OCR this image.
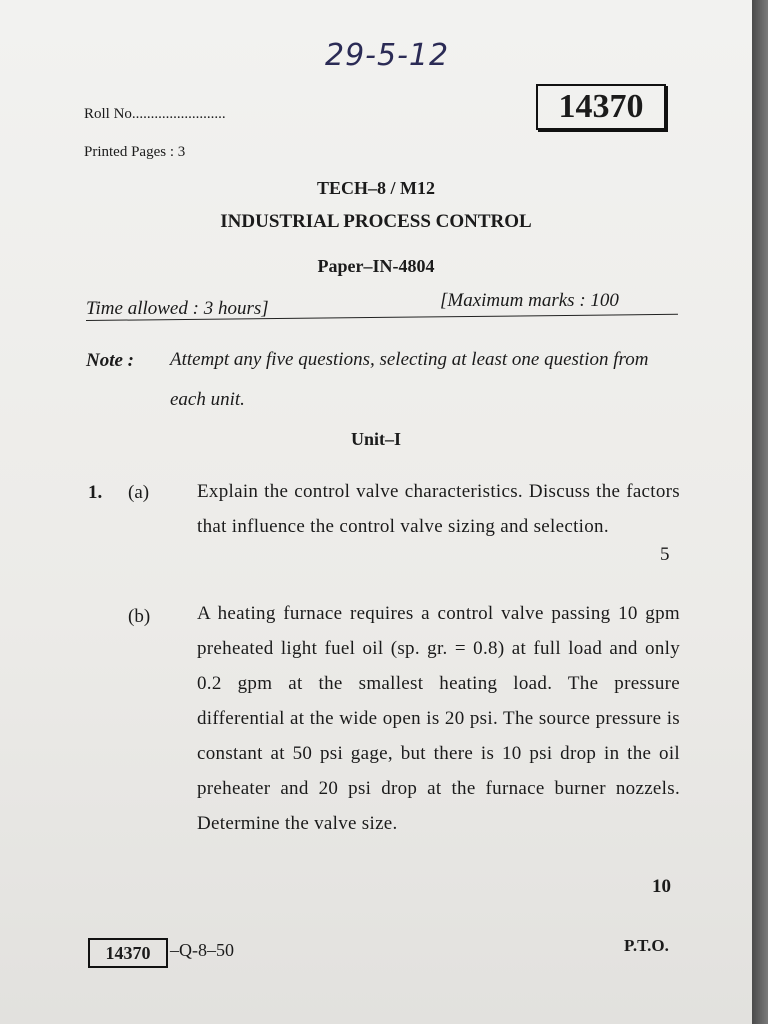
29-5-12
Roll No.........................
Printed Pages : 3
14370
TECH–8 / M12
INDUSTRIAL PROCESS CONTROL
Paper–IN-4804
Time allowed : 3 hours]	[Maximum marks : 100
Note : Attempt any five questions, selecting at least one question from each unit.
Unit–I
1. (a)	Explain the control valve characteristics. Discuss the factors that influence the control valve sizing and selection.
5
(b) A heating furnace requires a control valve passing 10 gpm preheated light fuel oil (sp. gr. = 0.8) at full load and only 0.2 gpm at the smallest heating load. The pressure differential at the wide open is 20 psi. The source pressure is constant at 50 psi gage, but there is 10 psi drop in the oil preheater and 20 psi drop at the furnace burner nozzels. Determine the valve size.
10
14370	–Q-8–50	P.T.O.
